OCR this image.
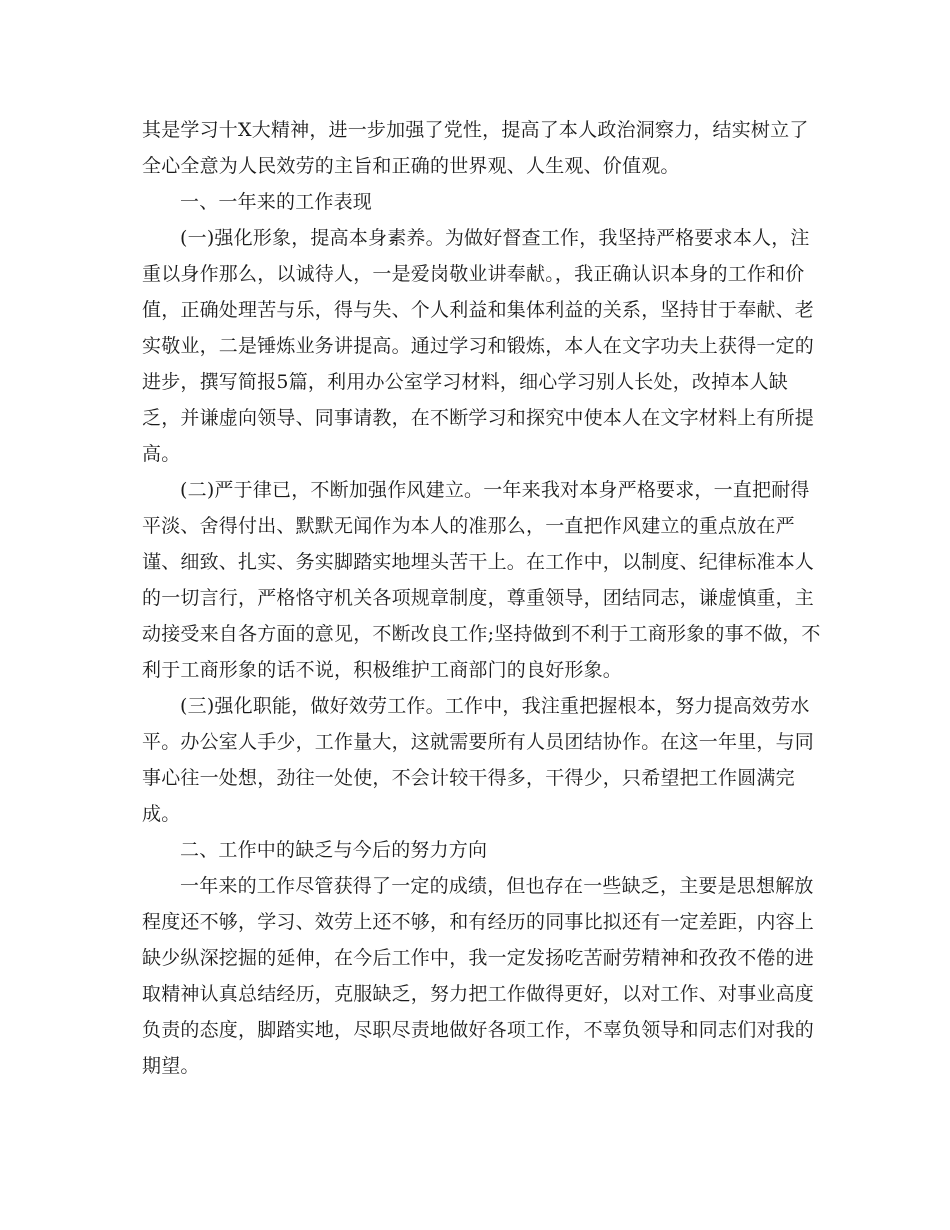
其是学习十X大精神，进一步加强了党性，提高了本人政治洞察力，结实树立了

全心全意为人民效劳的主旨和正确的世界观、人生观、价值观。

一、一年来的工作表现

(一)强化形象，提高本身素养。为做好督查工作，我坚持严格要求本人，注

重以身作那么，以诚待人，一是爱岗敬业讲奉献。，我正确认识本身的工作和价

值，正确处理苦与乐，得与失、个人利益和集体利益的关系，坚持甘于奉献、老

实敬业，二是锤炼业务讲提高。通过学习和锻炼，本人在文字功夫上获得一定的

进步，撰写简报5篇，利用办公室学习材料，细心学习别人长处，改掉本人缺

乏，并谦虚向领导、同事请教，在不断学习和探究中使本人在文字材料上有所提

高。

(二)严于律已，不断加强作风建立。一年来我对本身严格要求，一直把耐得

平淡、舍得付出、默默无闻作为本人的准那么，一直把作风建立的重点放在严

谨、细致、扎实、务实脚踏实地埋头苦干上。在工作中，以制度、纪律标准本人

的一切言行，严格恪守机关各项规章制度，尊重领导，团结同志，谦虚慎重，主

动接受来自各方面的意见，不断改良工作;坚持做到不利于工商形象的事不做，不

利于工商形象的话不说，积极维护工商部门的良好形象。

(三)强化职能，做好效劳工作。工作中，我注重把握根本，努力提高效劳水

平。办公室人手少，工作量大，这就需要所有人员团结协作。在这一年里，与同

事心往一处想，劲往一处使，不会计较干得多，干得少，只希望把工作圆满完

成。

二、工作中的缺乏与今后的努力方向

一年来的工作尽管获得了一定的成绩，但也存在一些缺乏，主要是思想解放

程度还不够，学习、效劳上还不够，和有经历的同事比拟还有一定差距，内容上

缺少纵深挖掘的延伸，在今后工作中，我一定发扬吃苦耐劳精神和孜孜不倦的进

取精神认真总结经历，克服缺乏，努力把工作做得更好，以对工作、对事业高度

负责的态度，脚踏实地，尽职尽责地做好各项工作，不辜负领导和同志们对我的

期望。
